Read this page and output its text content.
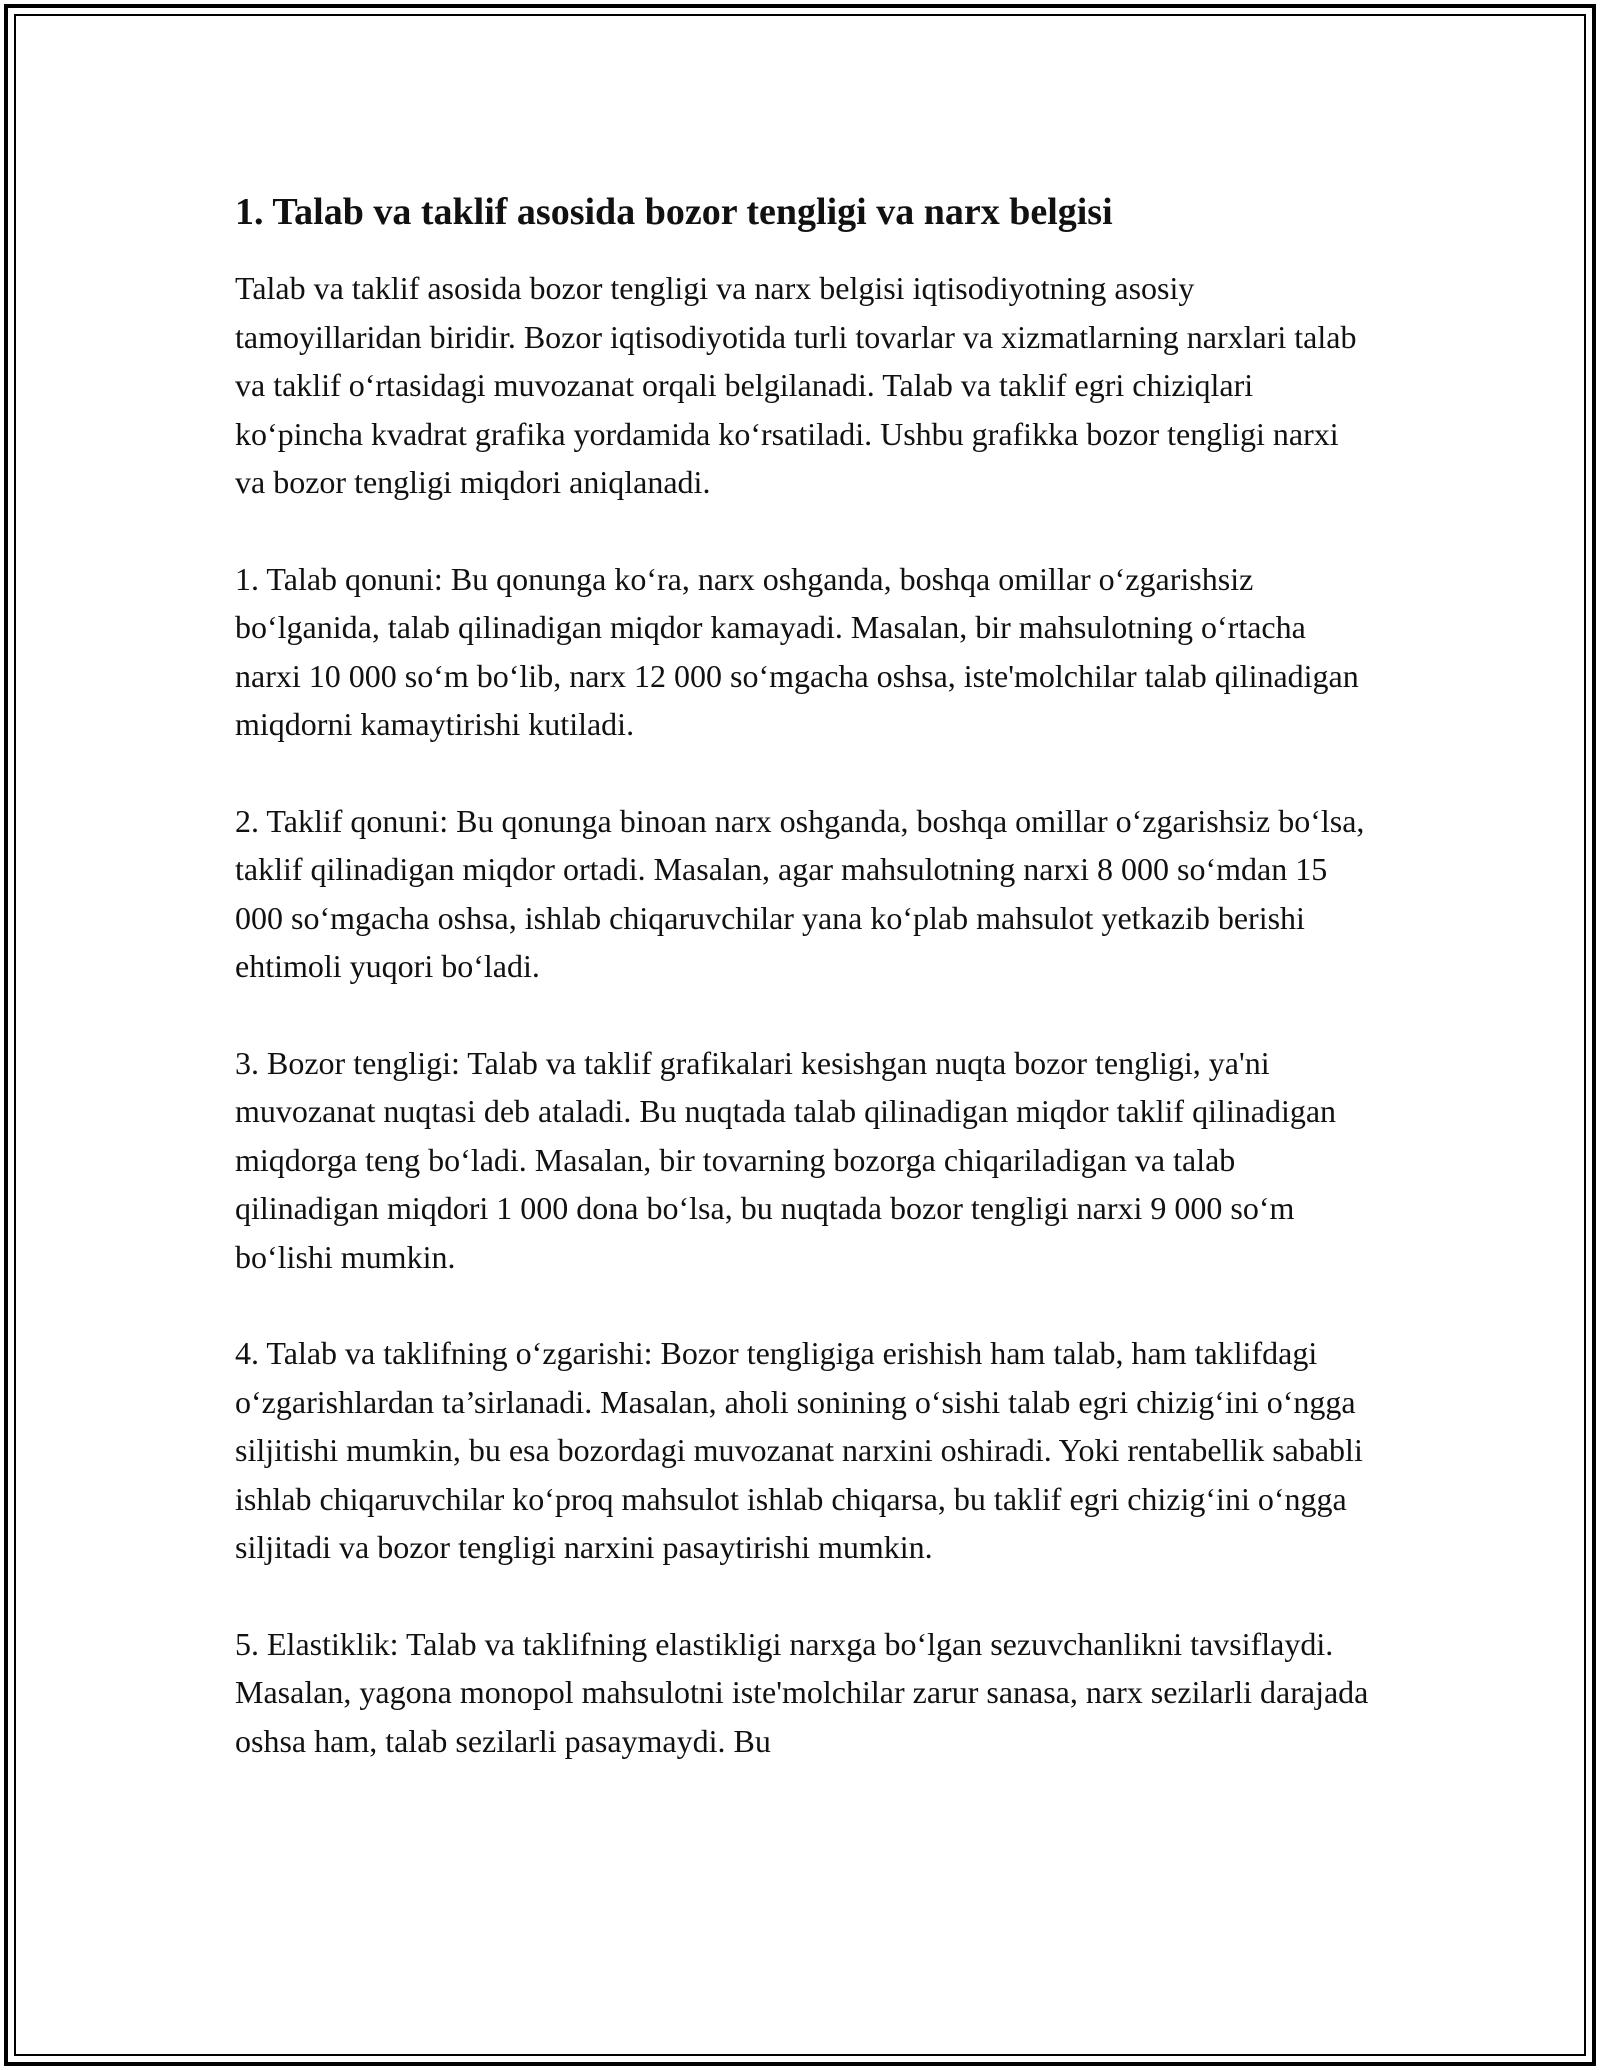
1. Talab va taklif asosida bozor tengligi va narx belgisi

Talab va taklif asosida bozor tengligi va narx belgisi iqtisodiyotning asosiy tamoyillaridan biridir. Bozor iqtisodiyotida turli tovarlar va xizmatlarning narxlari talab va taklif o‘rtasidagi muvozanat orqali belgilanadi. Talab va taklif egri chiziqlari ko‘pincha kvadrat grafika yordamida ko‘rsatiladi. Ushbu grafikka bozor tengligi narxi va bozor tengligi miqdori aniqlanadi.

1. Talab qonuni: Bu qonunga ko‘ra, narx oshganda, boshqa omillar o‘zgarishsiz bo‘lganida, talab qilinadigan miqdor kamayadi. Masalan, bir mahsulotning o‘rtacha narxi 10 000 so‘m bo‘lib, narx 12 000 so‘mgacha oshsa, iste'molchilar talab qilinadigan miqdorni kamaytirishi kutiladi.

2. Taklif qonuni: Bu qonunga binoan narx oshganda, boshqa omillar o‘zgarishsiz bo‘lsa, taklif qilinadigan miqdor ortadi. Masalan, agar mahsulotning narxi 8 000 so‘mdan 15 000 so‘mgacha oshsa, ishlab chiqaruvchilar yana ko‘plab mahsulot yetkazib berishi ehtimoli yuqori bo‘ladi.

3. Bozor tengligi: Talab va taklif grafikalari kesishgan nuqta bozor tengligi, ya'ni muvozanat nuqtasi deb ataladi. Bu nuqtada talab qilinadigan miqdor taklif qilinadigan miqdorga teng bo‘ladi. Masalan, bir tovarning bozorga chiqariladigan va talab qilinadigan miqdori 1 000 dona bo‘lsa, bu nuqtada bozor tengligi narxi 9 000 so‘m bo‘lishi mumkin.

4. Talab va taklifning o‘zgarishi: Bozor tengligiga erishish ham talab, ham taklifdagi o‘zgarishlardan ta’sirlanadi. Masalan, aholi sonining o‘sishi talab egri chizig‘ini o‘ngga siljitishi mumkin, bu esa bozordagi muvozanat narxini oshiradi. Yoki rentabellik sababli ishlab chiqaruvchilar ko‘proq mahsulot ishlab chiqarsa, bu taklif egri chizig‘ini o‘ngga siljitadi va bozor tengligi narxini pasaytirishi mumkin.

5. Elastiklik: Talab va taklifning elastikligi narxga bo‘lgan sezuvchanlikni tavsiflaydi. Masalan, yagona monopol mahsulotni iste'molchilar zarur sanasa, narx sezilarli darajada oshsa ham, talab sezilarli pasaymaydi. Bu
